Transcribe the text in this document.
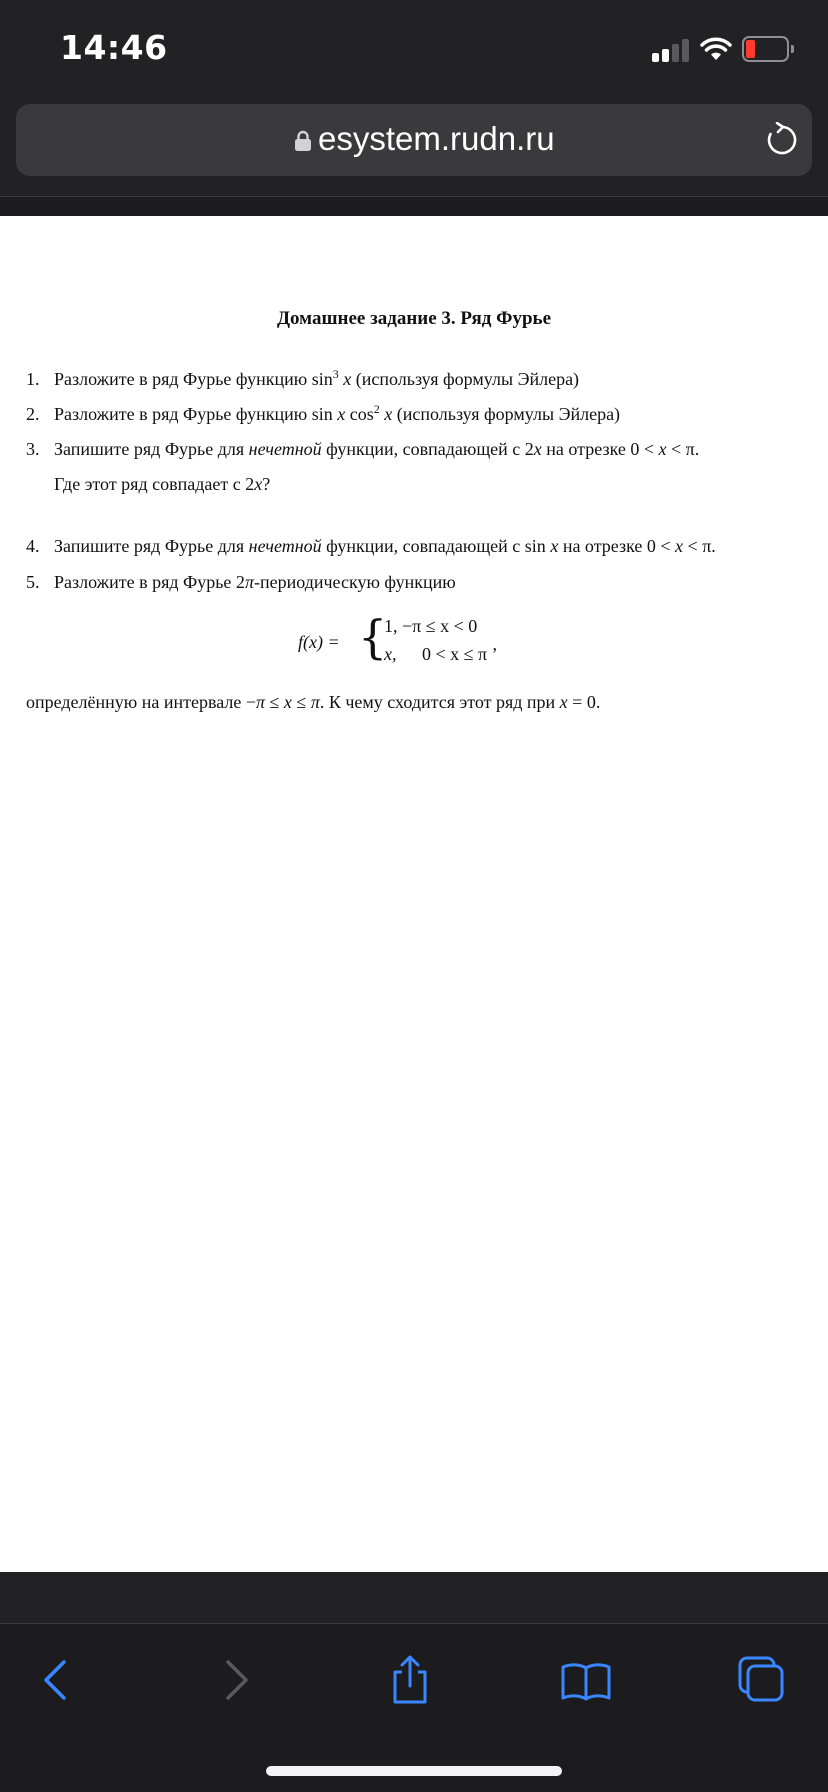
14:46
esystem.rudn.ru
Домашнее задание 3. Ряд Фурье
1. Разложите в ряд Фурье функцию $\sin^3 x$ (используя формулы Эйлера)
2. Разложите в ряд Фурье функцию sin x $\cos^2 x$ (используя формулы Эйлера)
3. Запишите ряд Фурье для нечетной функции, совпадающей с 2x на отрезке 0 < x < π.
Где этот ряд совпадает с 2x?
4. Запишите ряд Фурье для нечетной функции, совпадающей с sin x на отрезке 0 < x < π.
5. Разложите в ряд Фурье 2π-периодическую функцию
f(x) = {
1, −π ≤ x < 0
x, 0 < x ≤ π ’
определённую на интервале −π ≤ x ≤ π. К чему сходится этот ряд при x = 0.
